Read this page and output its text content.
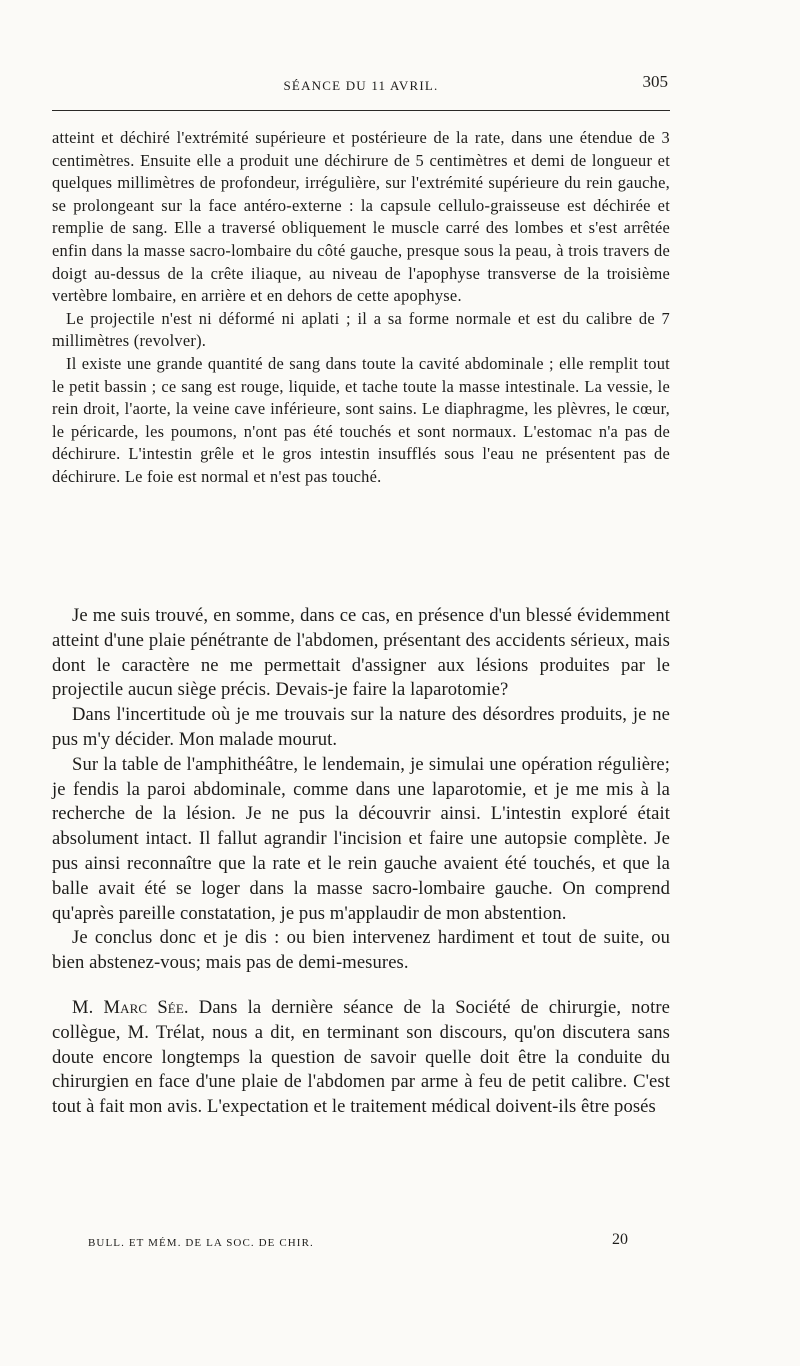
SÉANCE DU 11 AVRIL.	305

atteint et déchiré l'extrémité supérieure et postérieure de la rate, dans une étendue de 3 centimètres. Ensuite elle a produit une déchirure de 5 centimètres et demi de longueur et quelques millimètres de profondeur, irrégulière, sur l'extrémité supérieure du rein gauche, se prolongeant sur la face antéro-externe : la capsule cellulo-graisseuse est déchirée et remplie de sang. Elle a traversé obliquement le muscle carré des lombes et s'est arrêtée enfin dans la masse sacro-lombaire du côté gauche, presque sous la peau, à trois travers de doigt au-dessus de la crête iliaque, au niveau de l'apophyse transverse de la troisième vertèbre lombaire, en arrière et en dehors de cette apophyse.

Le projectile n'est ni déformé ni aplati ; il a sa forme normale et est du calibre de 7 millimètres (revolver).

Il existe une grande quantité de sang dans toute la cavité abdominale ; elle remplit tout le petit bassin ; ce sang est rouge, liquide, et tache toute la masse intestinale. La vessie, le rein droit, l'aorte, la veine cave inférieure, sont sains. Le diaphragme, les plèvres, le cœur, le péricarde, les poumons, n'ont pas été touchés et sont normaux. L'estomac n'a pas de déchirure. L'intestin grêle et le gros intestin insufflés sous l'eau ne présentent pas de déchirure. Le foie est normal et n'est pas touché.

Je me suis trouvé, en somme, dans ce cas, en présence d'un blessé évidemment atteint d'une plaie pénétrante de l'abdomen, présentant des accidents sérieux, mais dont le caractère ne me permettait d'assigner aux lésions produites par le projectile aucun siège précis. Devais-je faire la laparotomie?

Dans l'incertitude où je me trouvais sur la nature des désordres produits, je ne pus m'y décider. Mon malade mourut.

Sur la table de l'amphithéâtre, le lendemain, je simulai une opération régulière; je fendis la paroi abdominale, comme dans une laparotomie, et je me mis à la recherche de la lésion. Je ne pus la découvrir ainsi. L'intestin exploré était absolument intact. Il fallut agrandir l'incision et faire une autopsie complète. Je pus ainsi reconnaître que la rate et le rein gauche avaient été touchés, et que la balle avait été se loger dans la masse sacro-lombaire gauche. On comprend qu'après pareille constatation, je pus m'applaudir de mon abstention.

Je conclus donc et je dis : ou bien intervenez hardiment et tout de suite, ou bien abstenez-vous; mais pas de demi-mesures.

M. Marc Sée. Dans la dernière séance de la Société de chirurgie, notre collègue, M. Trélat, nous a dit, en terminant son discours, qu'on discutera sans doute encore longtemps la question de savoir quelle doit être la conduite du chirurgien en face d'une plaie de l'abdomen par arme à feu de petit calibre. C'est tout à fait mon avis. L'expectation et le traitement médical doivent-ils être posés

BULL. ET MÉM. DE LA SOC. DE CHIR.	20
